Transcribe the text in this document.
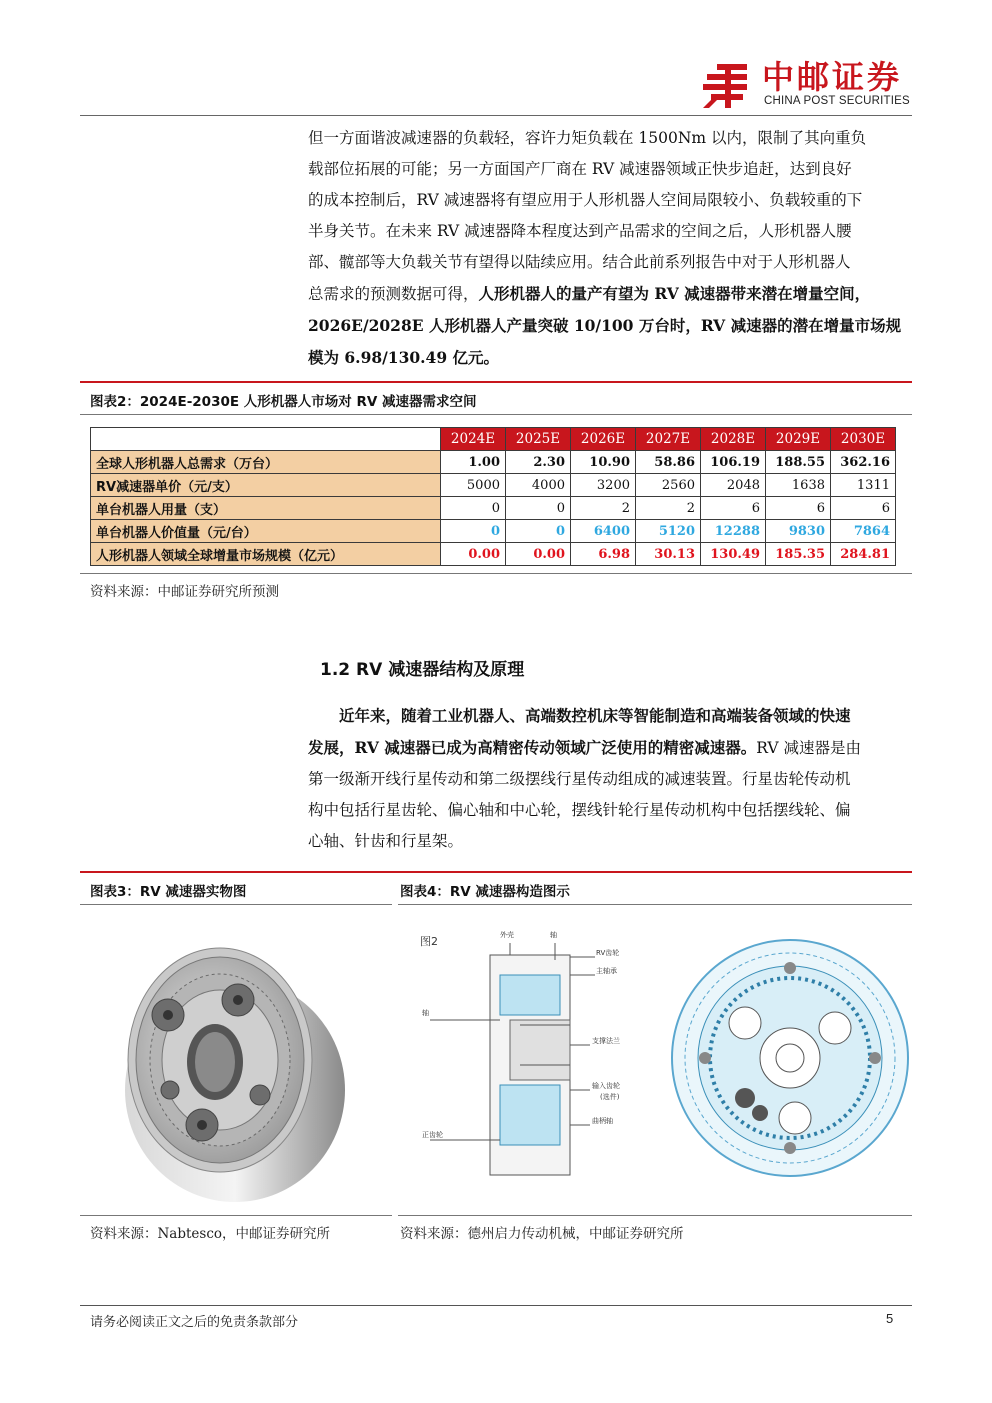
中邮证券
CHINA POST SECURITIES
但一方面谐波减速器的负载轻，容许力矩负载在 1500Nm 以内，限制了其向重负
载部位拓展的可能；另一方面国产厂商在 RV 减速器领域正快步追赶，达到良好
的成本控制后，RV 减速器将有望应用于人形机器人空间局限较小、负载较重的下
半身关节。在未来 RV 减速器降本程度达到产品需求的空间之后，人形机器人腰
部、髋部等大负载关节有望得以陆续应用。结合此前系列报告中对于人形机器人
总需求的预测数据可得，人形机器人的量产有望为 RV 减速器带来潜在增量空间，
2026E/2028E 人形机器人产量突破 10/100 万台时，RV 减速器的潜在增量市场规
模为 6.98/130.49 亿元。
图表2：2024E-2030E 人形机器人市场对 RV 减速器需求空间
	2024E	2025E	2026E	2027E	2028E	2029E	2030E
全球人形机器人总需求（万台）	1.00	2.30	10.90	58.86	106.19	188.55	362.16
RV减速器单价（元/支）	5000	4000	3200	2560	2048	1638	1311
单台机器人用量（支）	0	0	2	2	6	6	6
单台机器人价值量（元/台）	0	0	6400	5120	12288	9830	7864
人形机器人领域全球增量市场规模（亿元）	0.00	0.00	6.98	30.13	130.49	185.35	284.81
资料来源：中邮证券研究所预测
1.2 RV 减速器结构及原理
近年来，随着工业机器人、高端数控机床等智能制造和高端装备领域的快速
发展，RV 减速器已成为高精密传动领域广泛使用的精密减速器。RV 减速器是由
第一级渐开线行星传动和第二级摆线行星传动组成的减速装置。行星齿轮传动机
构中包括行星齿轮、偏心轴和中心轮，摆线针轮行星传动机构中包括摆线轮、偏
心轴、针齿和行星架。
图表3：RV 减速器实物图	图表4：RV 减速器构造图示
图2	外壳	轴
RV齿轮
主轴承
轴
支撑法兰
输入齿轮
(选件)
曲柄轴
正齿轮
资料来源：Nabtesco，中邮证券研究所	资料来源：德州启力传动机械，中邮证券研究所
请务必阅读正文之后的免责条款部分	5
